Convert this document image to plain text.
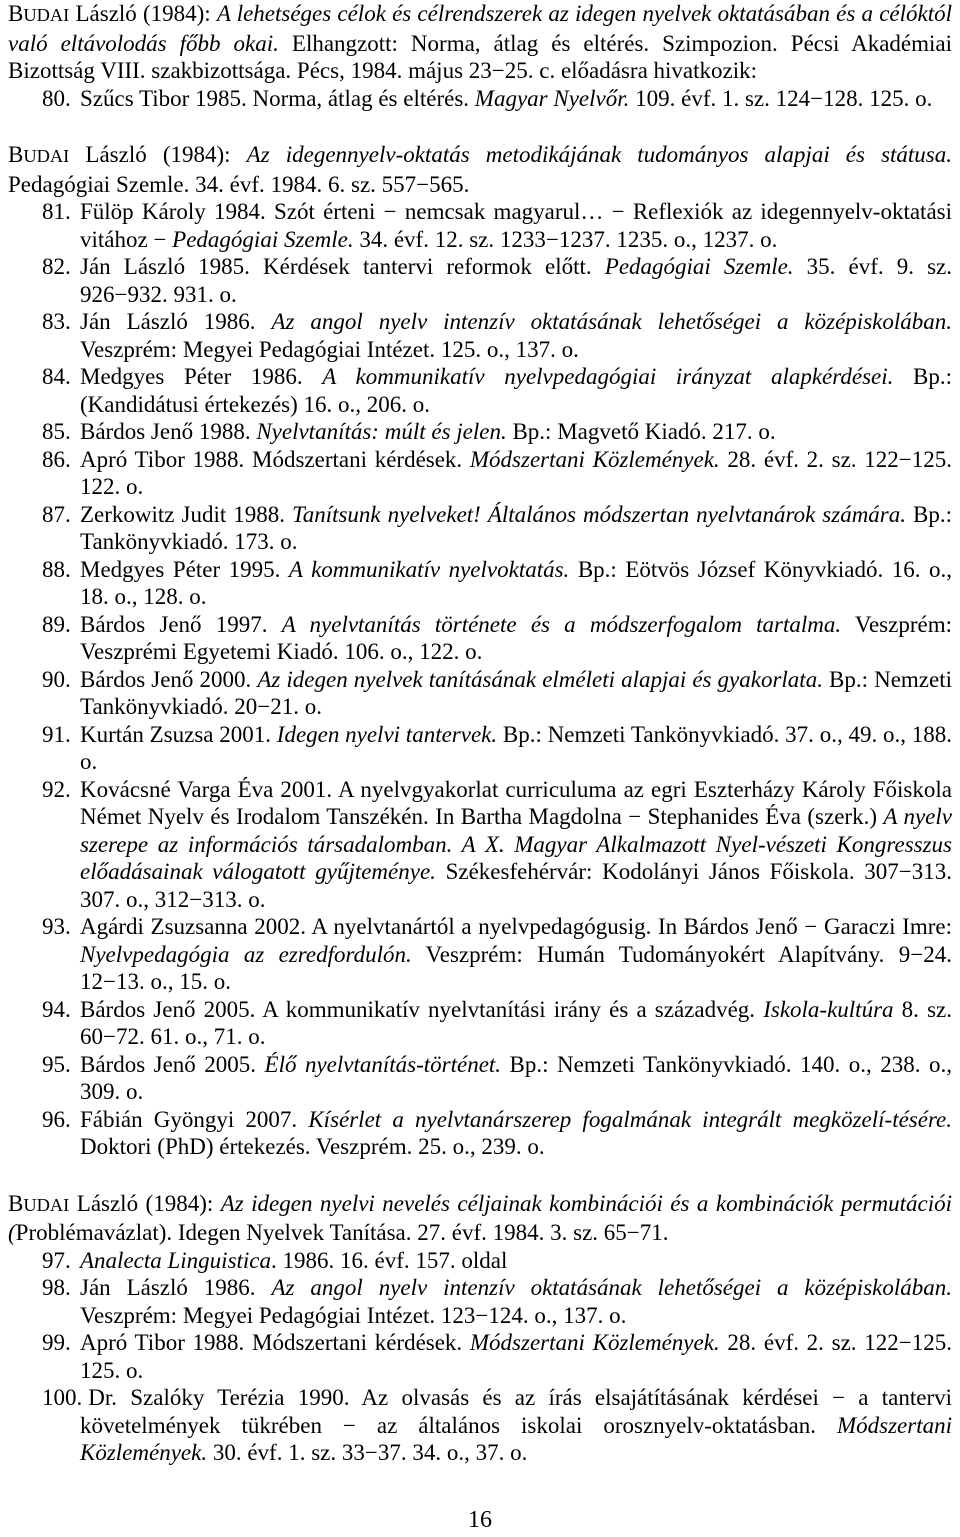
BUDAI László (1984): A lehetséges célok és célrendszerek az idegen nyelvek oktatásában és a célóktól való eltávolodás főbb okai. Elhangzott: Norma, átlag és eltérés. Szimpozion. Pécsi Akadémiai Bizottság VIII. szakbizottsága. Pécs, 1984. május 23−25. c. előadásra hivatkozik:

80. Szűcs Tibor 1985. Norma, átlag és eltérés. Magyar Nyelvőr. 109. évf. 1. sz. 124−128. 125. o.

BUDAI László (1984): Az idegennyelv-oktatás metodikájának tudományos alapjai és státusa. Pedagógiai Szemle. 34. évf. 1984. 6. sz. 557−565.

81. Fülöp Károly 1984. Szót érteni − nemcsak magyarul… − Reflexiók az idegennyelv-oktatási vitához − Pedagógiai Szemle. 34. évf. 12. sz. 1233−1237. 1235. o., 1237. o.
82. Ján László 1985. Kérdések tantervi reformok előtt. Pedagógiai Szemle. 35. évf. 9. sz. 926−932. 931. o.
83. Ján László 1986. Az angol nyelv intenzív oktatásának lehetőségei a középiskolában. Veszprém: Megyei Pedagógiai Intézet. 125. o., 137. o.
84. Medgyes Péter 1986. A kommunikatív nyelvpedagógiai irányzat alapkérdései. Bp.: (Kandidátusi értekezés) 16. o., 206. o.
85. Bárdos Jenő 1988. Nyelvtanítás: múlt és jelen. Bp.: Magvető Kiadó. 217. o.
86. Apró Tibor 1988. Módszertani kérdések. Módszertani Közlemények. 28. évf. 2. sz. 122−125. 122. o.
87. Zerkowitz Judit 1988. Tanítsunk nyelveket! Általános módszertan nyelvtanárok számára. Bp.: Tankönyvkiadó. 173. o.
88. Medgyes Péter 1995. A kommunikatív nyelvoktatás. Bp.: Eötvös József Könyvkiadó. 16. o., 18. o., 128. o.
89. Bárdos Jenő 1997. A nyelvtanítás története és a módszerfogalom tartalma. Veszprém: Veszprémi Egyetemi Kiadó. 106. o., 122. o.
90. Bárdos Jenő 2000. Az idegen nyelvek tanításának elméleti alapjai és gyakorlata. Bp.: Nemzeti Tankönyvkiadó. 20−21. o.
91. Kurtán Zsuzsa 2001. Idegen nyelvi tantervek. Bp.: Nemzeti Tankönyvkiadó. 37. o., 49. o., 188. o.
92. Kovácsné Varga Éva 2001. A nyelvgyakorlat curriculuma az egri Eszterházy Károly Főiskola Német Nyelv és Irodalom Tanszékén. In Bartha Magdolna − Stephanides Éva (szerk.) A nyelv szerepe az információs társadalomban. A X. Magyar Alkalmazott Nyel-vészeti Kongresszus előadásainak válogatott gyűjteménye. Székesfehérvár: Kodolányi János Főiskola. 307−313. 307. o., 312−313. o.
93. Agárdi Zsuzsanna 2002. A nyelvtanártól a nyelvpedagógusig. In Bárdos Jenő − Garaczi Imre: Nyelvpedagógia az ezredfordulón. Veszprém: Humán Tudományokért Alapítvány. 9−24. 12−13. o., 15. o.
94. Bárdos Jenő 2005. A kommunikatív nyelvtanítási irány és a századvég. Iskola-kultúra 8. sz. 60−72. 61. o., 71. o.
95. Bárdos Jenő 2005. Élő nyelvtanítás-történet. Bp.: Nemzeti Tankönyvkiadó. 140. o., 238. o., 309. o.
96. Fábián Gyöngyi 2007. Kísérlet a nyelvtanárszerep fogalmának integrált megközelí-tésére. Doktori (PhD) értekezés. Veszprém. 25. o., 239. o.

BUDAI László (1984): Az idegen nyelvi nevelés céljainak kombinációi és a kombinációk permutációi (Problémavázlat). Idegen Nyelvek Tanítása. 27. évf. 1984. 3. sz. 65−71.

97. Analecta Linguistica. 1986. 16. évf. 157. oldal
98. Ján László 1986. Az angol nyelv intenzív oktatásának lehetőségei a középiskolában. Veszprém: Megyei Pedagógiai Intézet. 123−124. o., 137. o.
99. Apró Tibor 1988. Módszertani kérdések. Módszertani Közlemények. 28. évf. 2. sz. 122−125. 125. o.
100. Dr. Szalóky Terézia 1990. Az olvasás és az írás elsajátításának kérdései − a tantervi követelmények tükrében − az általános iskolai orosznyelv-oktatásban. Módszertani Közlemények. 30. évf. 1. sz. 33−37. 34. o., 37. o.
16
